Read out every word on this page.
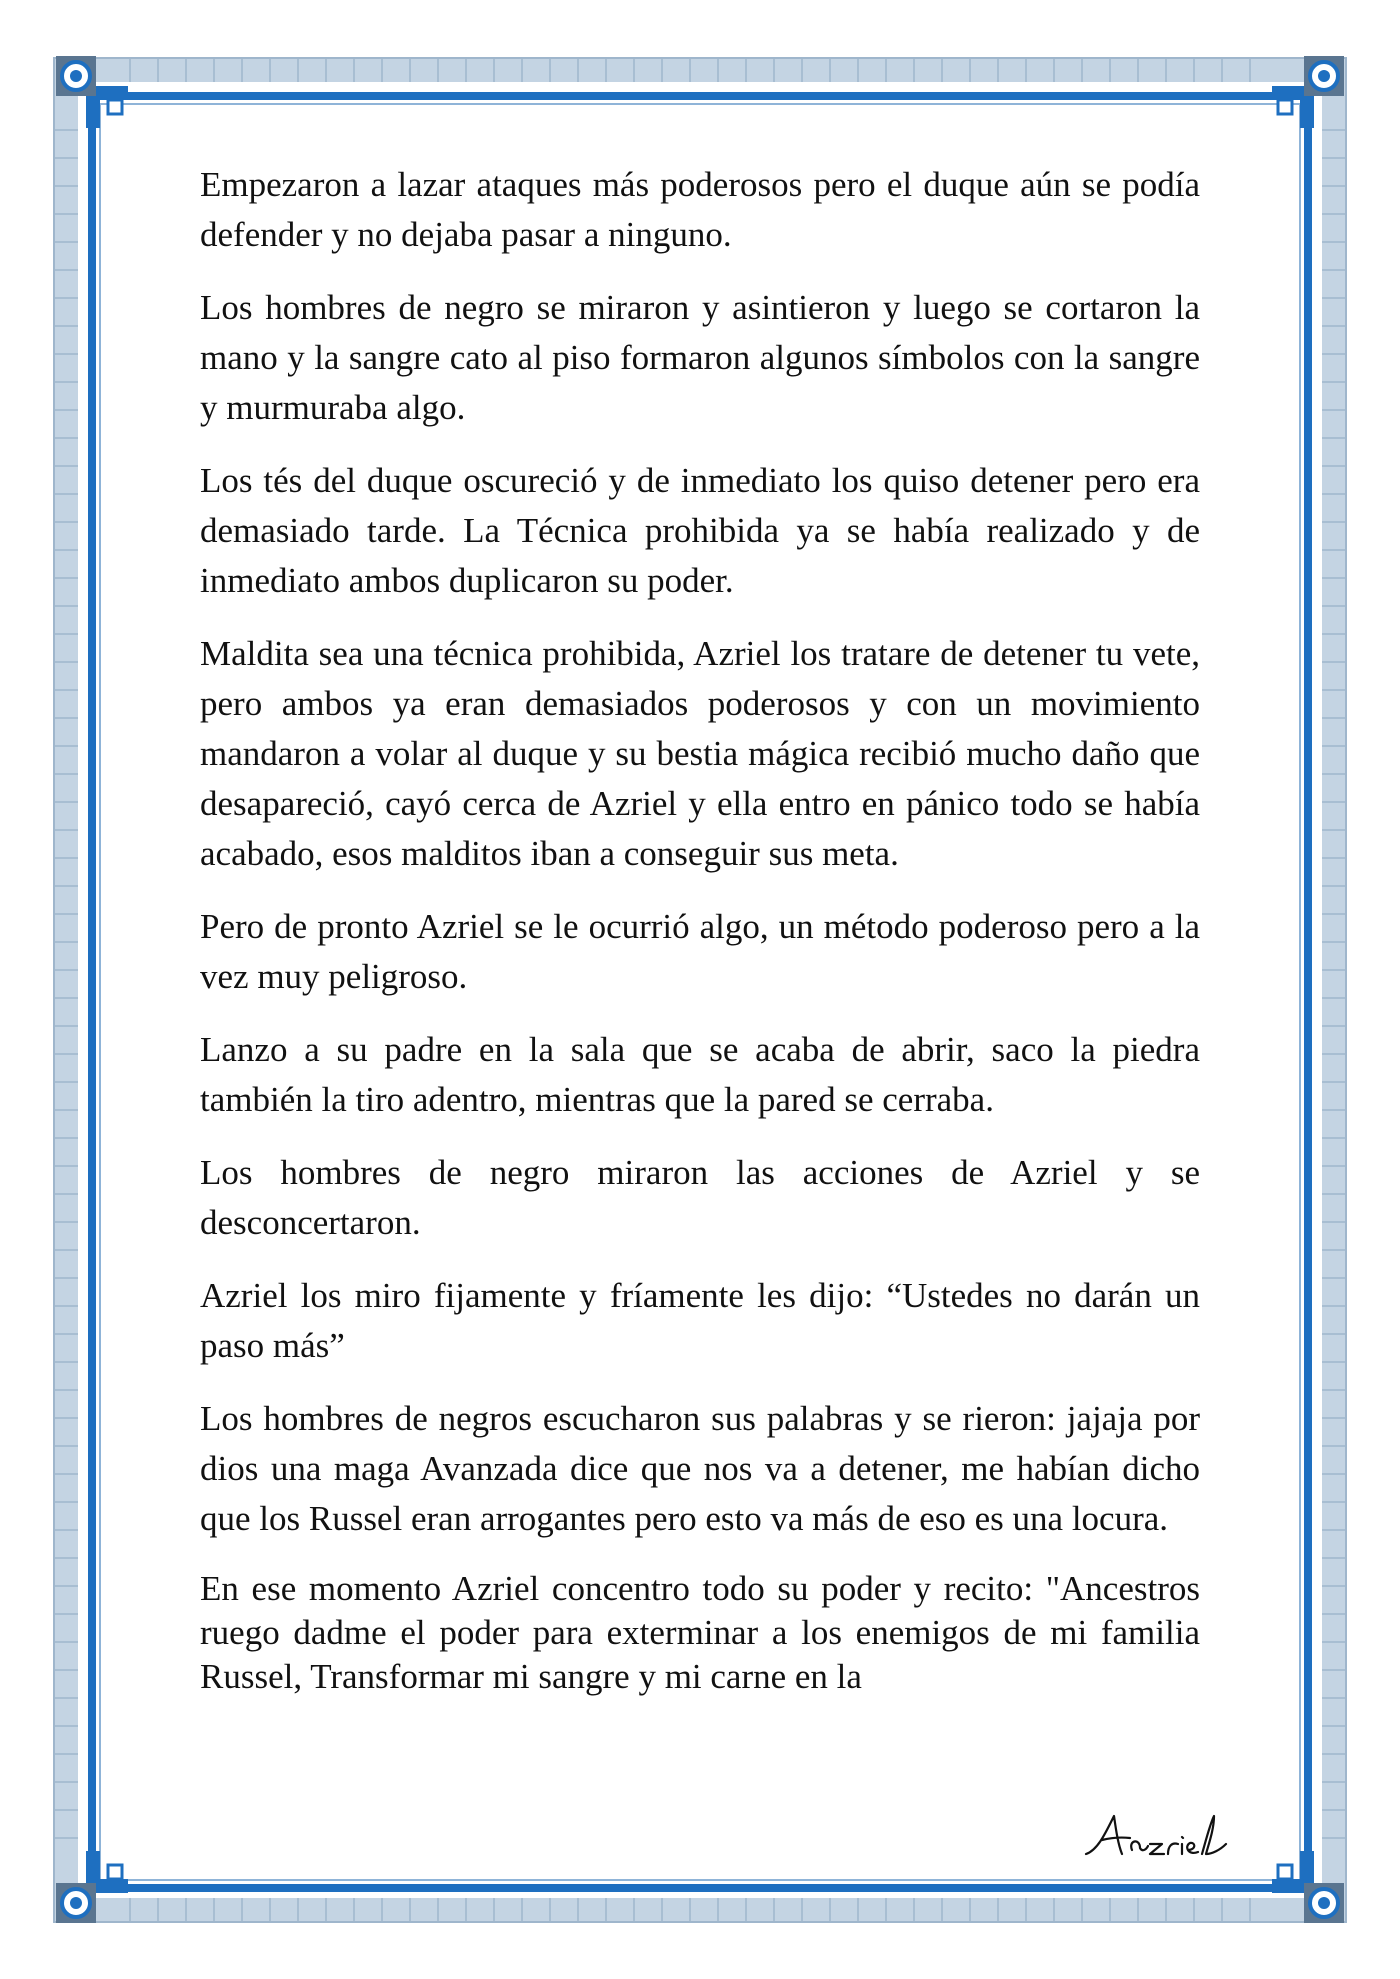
Empezaron a lazar ataques más poderosos pero el duque aún se podía defender y no dejaba pasar a ninguno.

Los hombres de negro se miraron y asintieron y luego se cortaron la mano y la sangre cato al piso formaron algunos símbolos con la sangre y murmuraba algo.

Los tés del duque oscureció y de inmediato los quiso detener pero era demasiado tarde. La Técnica prohibida ya se había realizado y de inmediato ambos duplicaron su poder.

Maldita sea una técnica prohibida, Azriel los tratare de detener tu vete, pero ambos ya eran demasiados poderosos y con un movimiento mandaron a volar al duque y su bestia mágica recibió mucho daño que desapareció, cayó cerca de Azriel y ella entro en pánico todo se había acabado, esos malditos iban a conseguir sus meta.

Pero de pronto Azriel se le ocurrió algo, un método poderoso pero a la vez muy peligroso.

Lanzo a su padre en la sala que se acaba de abrir, saco la piedra también la tiro adentro, mientras que la pared se cerraba.

Los hombres de negro miraron las acciones de Azriel y se desconcertaron.

Azriel los miro fijamente y fríamente les dijo: “Ustedes no darán un paso más”

Los hombres de negros escucharon sus palabras y se rieron: jajaja por dios una maga Avanzada dice que nos va a detener, me habían dicho que los Russel eran arrogantes pero esto va más de eso es una locura.

En ese momento Azriel concentro todo su poder y recito: "Ancestros ruego dadme el poder para exterminar a los enemigos de mi familia Russel, Transformar mi sangre y mi carne en la
